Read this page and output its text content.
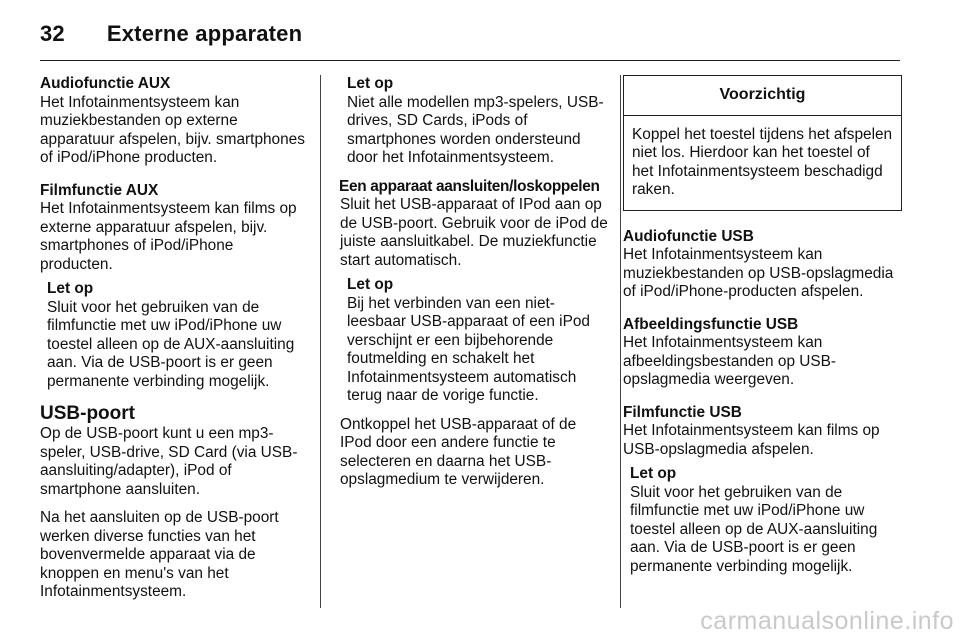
32 Externe apparaten
Audiofunctie AUX

Het Infotainmentsysteem kan muziekbestanden op externe apparatuur afspelen, bijv. smartphones of iPod/iPhone producten.

Filmfunctie AUX

Het Infotainmentsysteem kan films op externe apparatuur afspelen, bijv. smartphones of iPod/iPhone producten.

Let op

Sluit voor het gebruiken van de filmfunctie met uw iPod/iPhone uw toestel alleen op de AUX-aansluiting aan. Via de USB-poort is er geen permanente verbinding mogelijk.

USB-poort

Op de USB-poort kunt u een mp3-speler, USB-drive, SD Card (via USB-aansluiting/adapter), iPod of smartphone aansluiten.

Na het aansluiten op de USB-poort werken diverse functies van het bovenvermelde apparaat via de knoppen en menu's van het Infotainmentsysteem.

Let op

Niet alle modellen mp3-spelers, USB-drives, SD Cards, iPods of smartphones worden ondersteund door het Infotainmentsysteem.

Een apparaat aansluiten/loskoppelen

Sluit het USB-apparaat of IPod aan op de USB-poort. Gebruik voor de iPod de juiste aansluitkabel. De muziekfunctie start automatisch.

Let op

Bij het verbinden van een niet-leesbaar USB-apparaat of een iPod verschijnt er een bijbehorende foutmelding en schakelt het Infotainmentsysteem automatisch terug naar de vorige functie.

Ontkoppel het USB-apparaat of de IPod door een andere functie te selecteren en daarna het USB-opslagmedium te verwijderen.

Voorzichtig
Koppel het toestel tijdens het afspelen niet los. Hierdoor kan het toestel of het Infotainmentsysteem beschadigd raken.
Audiofunctie USB

Het Infotainmentsysteem kan muziekbestanden op USB-opslagmedia of iPod/iPhone-producten afspelen.

Afbeeldingsfunctie USB

Het Infotainmentsysteem kan afbeeldingsbestanden op USB-opslagmedia weergeven.

Filmfunctie USB

Het Infotainmentsysteem kan films op USB-opslagmedia afspelen.

Let op

Sluit voor het gebruiken van de filmfunctie met uw iPod/iPhone uw toestel alleen op de AUX-aansluiting aan. Via de USB-poort is er geen permanente verbinding mogelijk.

carmanualsonline.info
